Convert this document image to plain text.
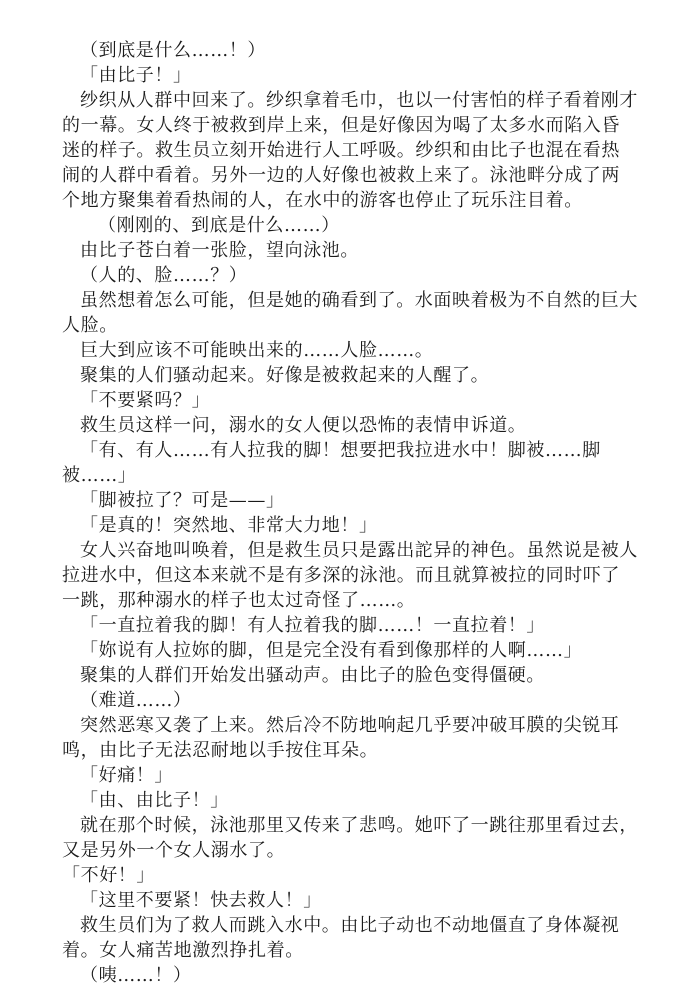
（到底是什么……！）

「由比子！」

纱织从人群中回来了。纱织拿着毛巾，也以一付害怕的样子看着刚才的一幕。女人终于被救到岸上来，但是好像因为喝了太多水而陷入昏迷的样子。救生员立刻开始进行人工呼吸。纱织和由比子也混在看热闹的人群中看着。另外一边的人好像也被救上来了。泳池畔分成了两个地方聚集着看热闹的人，在水中的游客也停止了玩乐注目着。

（刚刚的、到底是什么……）

由比子苍白着一张脸，望向泳池。

（人的、脸……？）

虽然想着怎么可能，但是她的确看到了。水面映着极为不自然的巨大人脸。

巨大到应该不可能映出来的……人脸……。

聚集的人们骚动起来。好像是被救起来的人醒了。

「不要紧吗？」

救生员这样一问，溺水的女人便以恐怖的表情申诉道。

「有、有人……有人拉我的脚！想要把我拉进水中！脚被……脚被……」

「脚被拉了？可是——」

「是真的！突然地、非常大力地！」

女人兴奋地叫唤着，但是救生员只是露出詑异的神色。虽然说是被人拉进水中，但这本来就不是有多深的泳池。而且就算被拉的同时吓了一跳，那种溺水的样子也太过奇怪了……。

「一直拉着我的脚！有人拉着我的脚……！一直拉着！」

「妳说有人拉妳的脚，但是完全没有看到像那样的人啊……」

聚集的人群们开始发出骚动声。由比子的脸色变得僵硬。

（难道……）

突然恶寒又袭了上来。然后冷不防地响起几乎要冲破耳膜的尖锐耳鸣，由比子无法忍耐地以手按住耳朵。

「好痛！」

「由、由比子！」

就在那个时候，泳池那里又传来了悲鸣。她吓了一跳往那里看过去，又是另外一个女人溺水了。

「不好！」

「这里不要紧！快去救人！」

救生员们为了救人而跳入水中。由比子动也不动地僵直了身体凝视着。女人痛苦地激烈挣扎着。

（咦……！）
